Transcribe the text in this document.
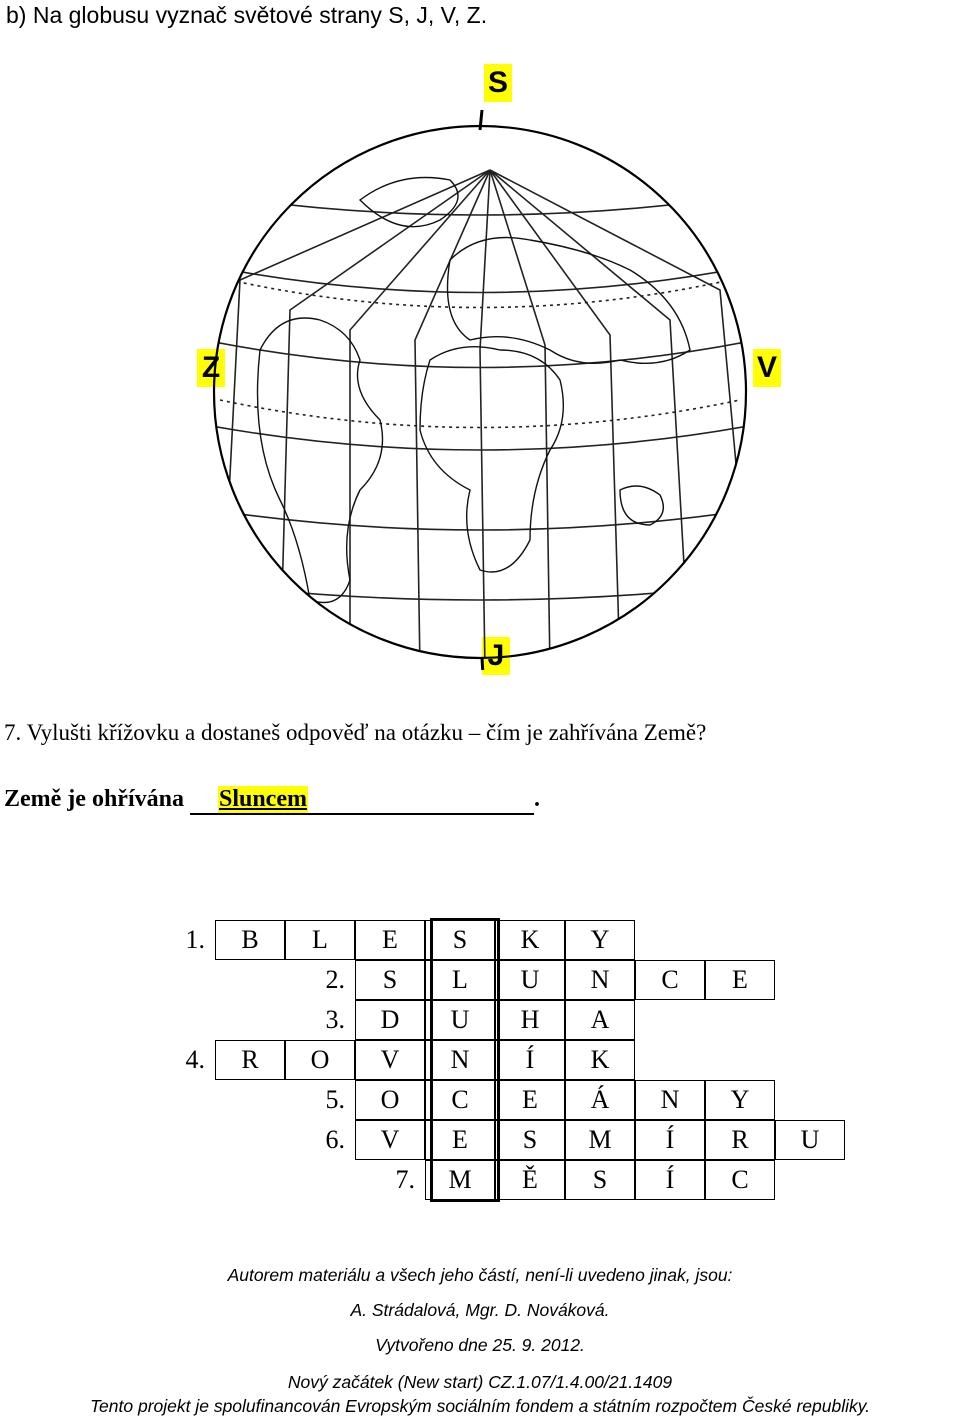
b) Na globusu vyznač světové strany S, J, V, Z.
S
Z	V
J
7. Vylušti křížovku a dostaneš odpověď na otázku – čím je zahřívána Země?
Země je ohřívána Sluncem	.
1.	B	L	E	S	K	Y
2.	S	L	U	N	C	E
3.	D	U	H	A
4.	R	O	V	N	Í	K
5.	O	C	E	Á	N	Y
6.	V	E	S	M	Í	R	U
7.	M	Ě	S	Í	C
Autorem materiálu a všech jeho částí, není-li uvedeno jinak, jsou:
A. Strádalová, Mgr. D. Nováková.
Vytvořeno dne 25. 9. 2012.
Nový začátek (New start) CZ.1.07/1.4.00/21.1409
Tento projekt je spolufinancován Evropským sociálním fondem a státním rozpočtem České republiky.
